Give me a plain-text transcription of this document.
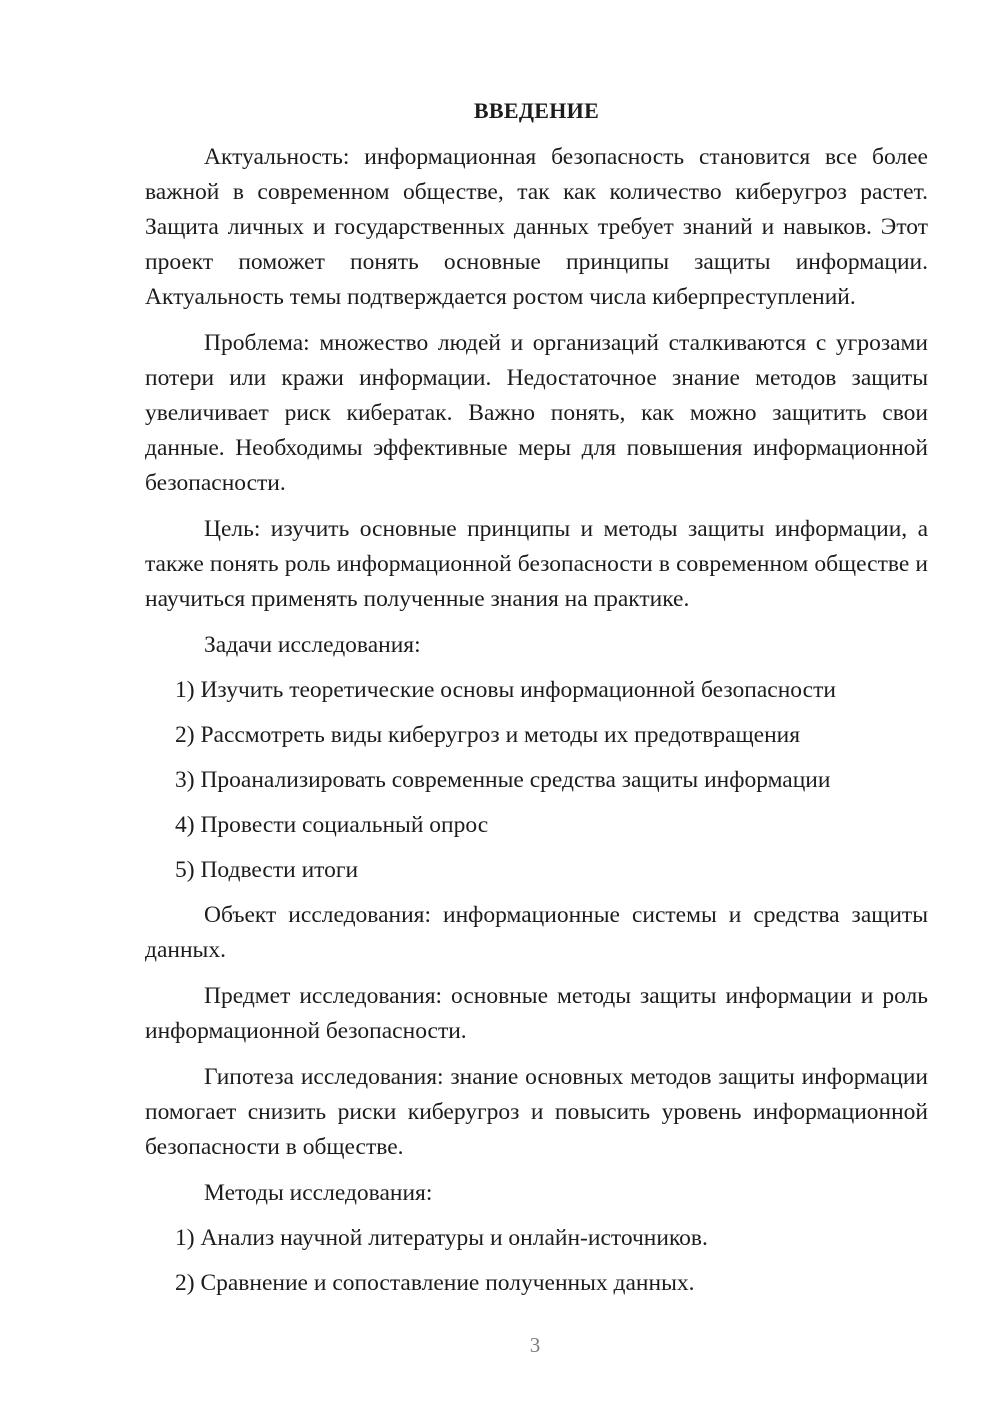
ВВЕДЕНИЕ

Актуальность: информационная безопасность становится все более важной в современном обществе, так как количество киберугроз растет. Защита личных и государственных данных требует знаний и навыков. Этот проект поможет понять основные принципы защиты информации. Актуальность темы подтверждается ростом числа киберпреступлений.

Проблема: множество людей и организаций сталкиваются с угрозами потери или кражи информации. Недостаточное знание методов защиты увеличивает риск кибератак. Важно понять, как можно защитить свои данные. Необходимы эффективные меры для повышения информационной безопасности.

Цель: изучить основные принципы и методы защиты информации, а также понять роль информационной безопасности в современном обществе и научиться применять полученные знания на практике.

Задачи исследования:

1) Изучить теоретические основы информационной безопасности

2) Рассмотреть виды киберугроз и методы их предотвращения

3) Проанализировать современные средства защиты информации

4) Провести социальный опрос

5) Подвести итоги

Объект исследования: информационные системы и средства защиты данных.

Предмет исследования: основные методы защиты информации и роль информационной безопасности.

Гипотеза исследования: знание основных методов защиты информации помогает снизить риски киберугроз и повысить уровень информационной безопасности в обществе.

Методы исследования:

1) Анализ научной литературы и онлайн-источников.

2) Сравнение и сопоставление полученных данных.

3
